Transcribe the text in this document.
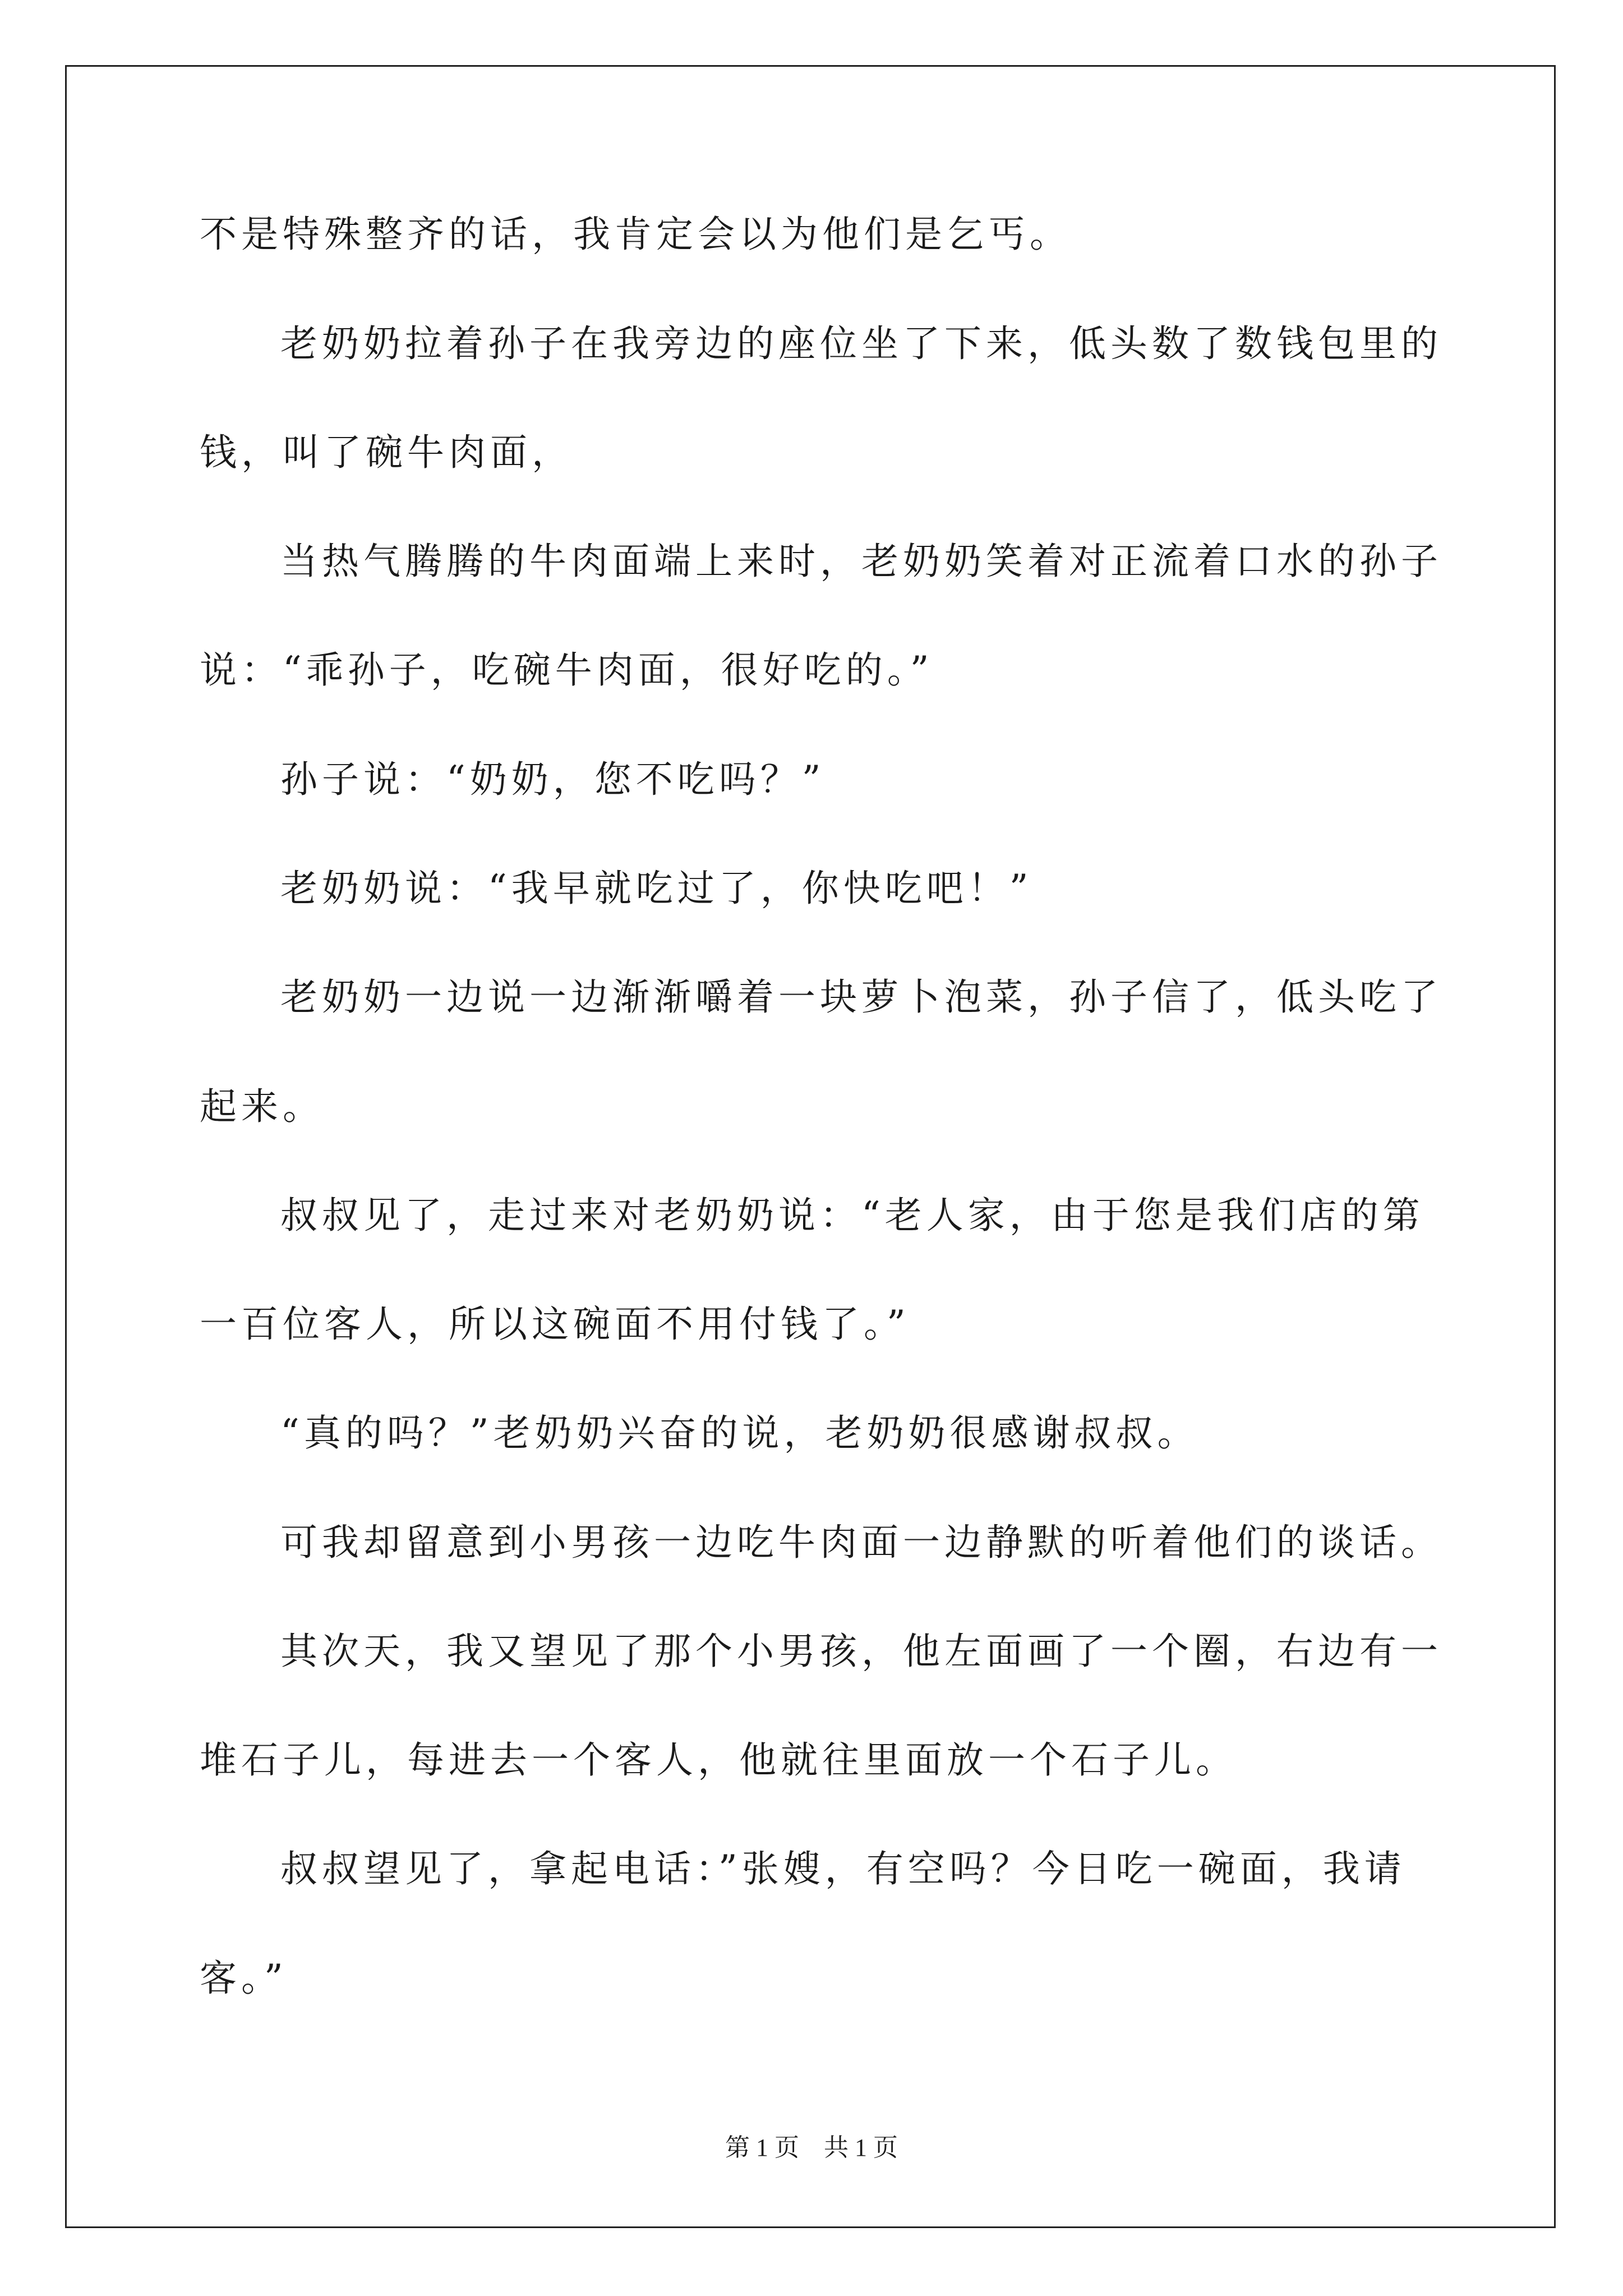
不是特殊整齐的话，我肯定会以为他们是乞丐。

老奶奶拉着孙子在我旁边的座位坐了下来，低头数了数钱包里的

钱，叫了碗牛肉面，

当热气腾腾的牛肉面端上来时，老奶奶笑着对正流着口水的孙子

说：“乖孙子，吃碗牛肉面，很好吃的。”

孙子说：“奶奶，您不吃吗？”

老奶奶说：“我早就吃过了，你快吃吧！”

老奶奶一边说一边渐渐嚼着一块萝卜泡菜，孙子信了，低头吃了

起来。

叔叔见了，走过来对老奶奶说：“老人家，由于您是我们店的第

一百位客人，所以这碗面不用付钱了。”

“真的吗？”老奶奶兴奋的说，老奶奶很感谢叔叔。

可我却留意到小男孩一边吃牛肉面一边静默的听着他们的谈话。

其次天，我又望见了那个小男孩，他左面画了一个圈，右边有一

堆石子儿，每进去一个客人，他就往里面放一个石子儿。

叔叔望见了，拿起电话：”张嫂，有空吗？今日吃一碗面，我请

客。”

第 1 页    共 1 页
